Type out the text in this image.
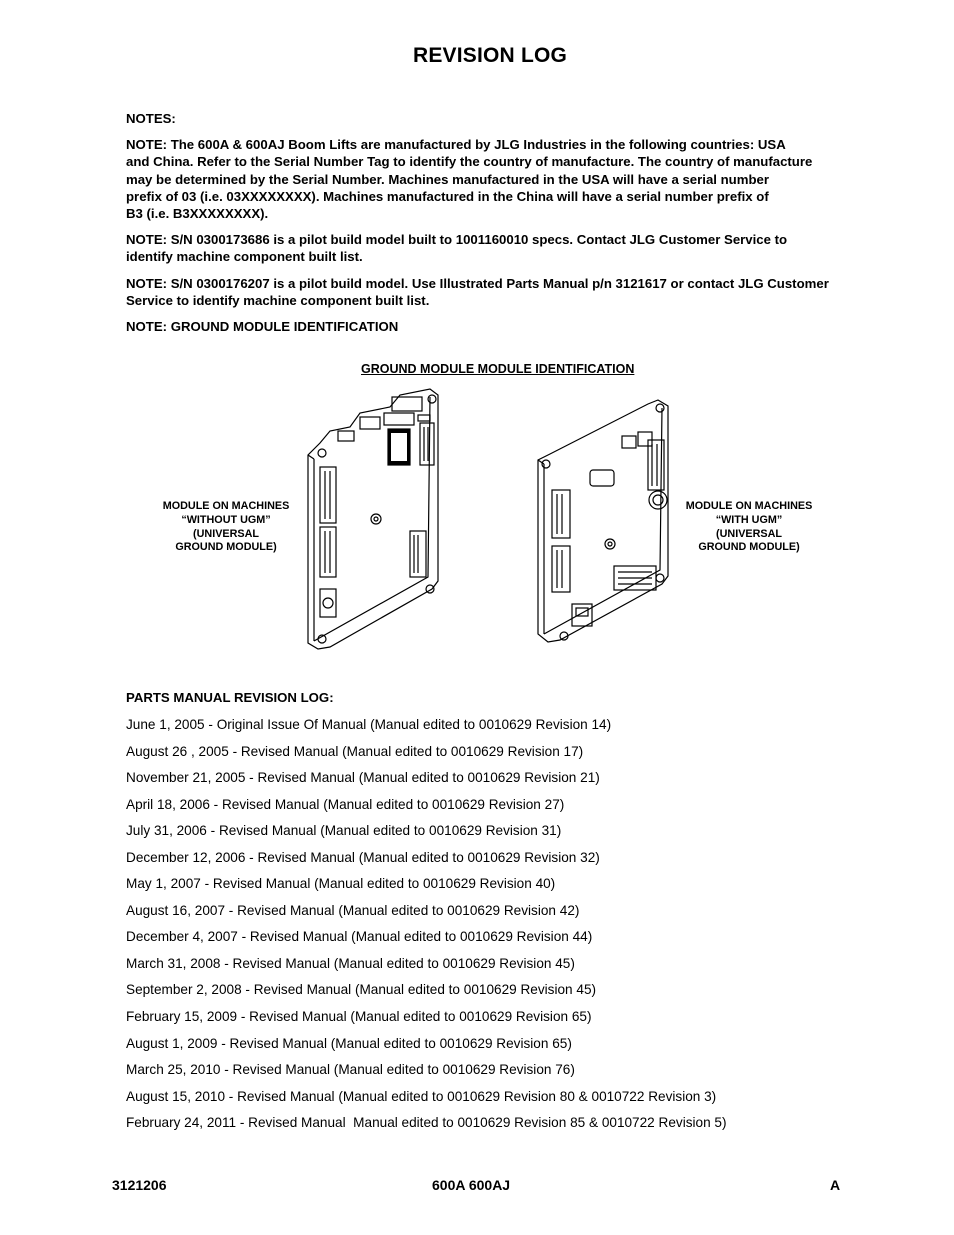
REVISION LOG

NOTES:

NOTE: The 600A & 600AJ Boom Lifts are manufactured by JLG Industries in the following countries: USA
and China. Refer to the Serial Number Tag to identify the country of manufacture. The country of manufacture
may be determined by the Serial Number. Machines manufactured in the USA will have a serial number
prefix of 03 (i.e. 03XXXXXXXX). Machines manufactured in the China will have a serial number prefix of
B3 (i.e. B3XXXXXXXX).

NOTE: S/N 0300173686 is a pilot build model built to 1001160010 specs. Contact JLG Customer Service to
identify machine component built list.

NOTE: S/N 0300176207 is a pilot build model. Use Illustrated Parts Manual p/n 3121617 or contact JLG Customer
Service to identify machine component built list.

NOTE: GROUND MODULE IDENTIFICATION

GROUND MODULE MODULE IDENTIFICATION
MODULE ON MACHINES
“WITHOUT UGM”
(UNIVERSAL
GROUND MODULE)
MODULE ON MACHINES
“WITH UGM”
(UNIVERSAL
GROUND MODULE)
PARTS MANUAL REVISION LOG:
June 1, 2005 - Original Issue Of Manual (Manual edited to 0010629 Revision 14)
August 26 , 2005 - Revised Manual (Manual edited to 0010629 Revision 17)
November 21, 2005 - Revised Manual (Manual edited to 0010629 Revision 21)
April 18, 2006 - Revised Manual (Manual edited to 0010629 Revision 27)
July 31, 2006 - Revised Manual (Manual edited to 0010629 Revision 31)
December 12, 2006 - Revised Manual (Manual edited to 0010629 Revision 32)
May 1, 2007 - Revised Manual (Manual edited to 0010629 Revision 40)
August 16, 2007 - Revised Manual (Manual edited to 0010629 Revision 42)
December 4, 2007 - Revised Manual (Manual edited to 0010629 Revision 44)
March 31, 2008 - Revised Manual (Manual edited to 0010629 Revision 45)
September 2, 2008 - Revised Manual (Manual edited to 0010629 Revision 45)
February 15, 2009 - Revised Manual (Manual edited to 0010629 Revision 65)
August 1, 2009 - Revised Manual (Manual edited to 0010629 Revision 65)
March 25, 2010 - Revised Manual (Manual edited to 0010629 Revision 76)
August 15, 2010 - Revised Manual (Manual edited to 0010629 Revision 80 & 0010722 Revision 3)
February 24, 2011 - Revised Manual  Manual edited to 0010629 Revision 85 & 0010722 Revision 5)
3121206	600A 600AJ	A
